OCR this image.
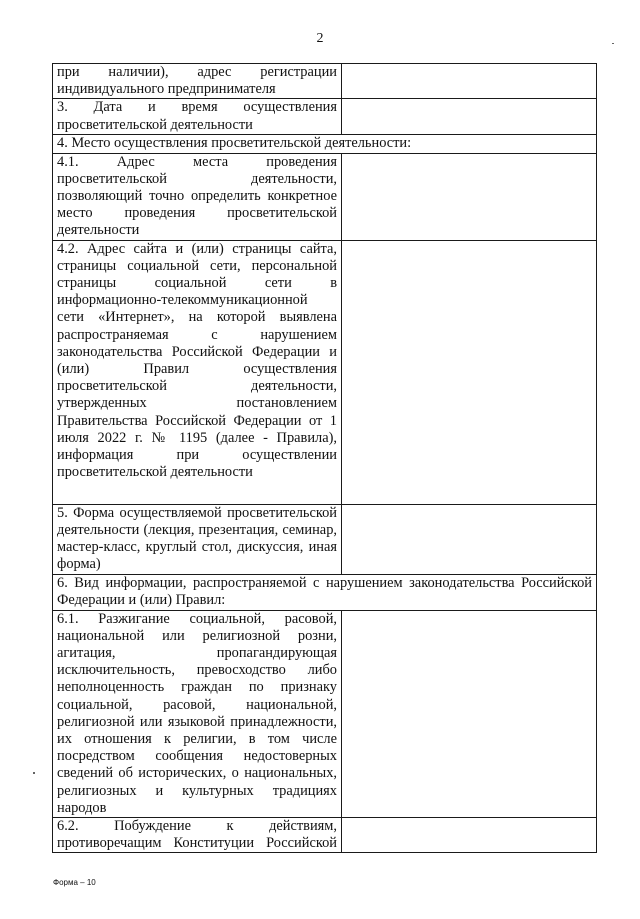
2
при наличии), адрес регистрации индивидуального предпринимателя	
3. Дата и время осуществления просветительской деятельности	
4. Место осуществления просветительской деятельности:	
4.1. Адрес места проведения просветительской деятельности, позволяющий точно определить конкретное место проведения просветительской деятельности	
4.2. Адрес сайта и (или) страницы сайта, страницы социальной сети, персональной страницы социальной сети в информационно-телекоммуникационной сети «Интернет», на которой выявлена распространяемая с нарушением законодательства Российской Федерации и (или) Правил осуществления просветительской деятельности, утвержденных постановлением Правительства Российской Федерации от 1 июля 2022 г. № 1195 (далее - Правила), информация при осуществлении просветительской деятельности	
5. Форма осуществляемой просветительской деятельности (лекция, презентация, семинар, мастер-класс, круглый стол, дискуссия, иная форма)	
6. Вид информации, распространяемой с нарушением законодательства Российской Федерации и (или) Правил:	
6.1. Разжигание социальной, расовой, национальной или религиозной розни, агитация, пропагандирующая исключительность, превосходство либо неполноценность граждан по признаку социальной, расовой, национальной, религиозной или языковой принадлежности, их отношения к религии, в том числе посредством сообщения недостоверных сведений об исторических, о национальных, религиозных и культурных традициях народов	
6.2. Побуждение к действиям, противоречащим Конституции Российской	
Форма – 10
